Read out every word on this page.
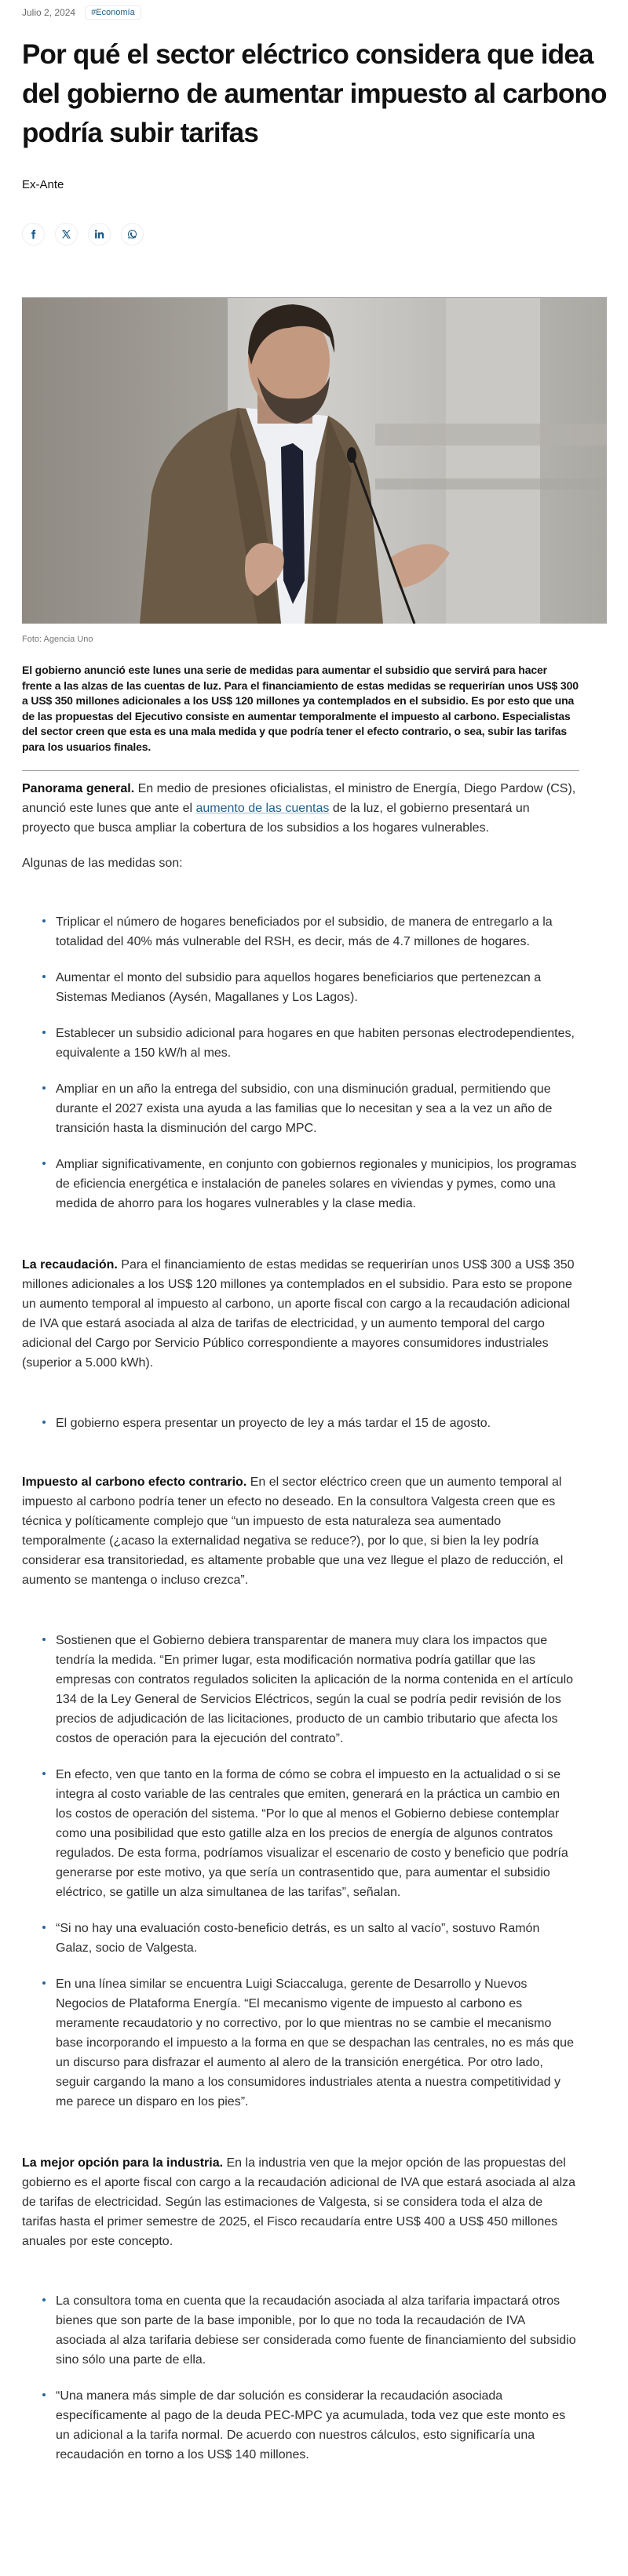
Julio 2, 2024	#Economía
Por qué el sector eléctrico considera que idea del gobierno de aumentar impuesto al carbono podría subir tarifas
Ex-Ante
Foto: Agencia Uno

El gobierno anunció este lunes una serie de medidas para aumentar el subsidio que servirá para hacer frente a las alzas de las cuentas de luz. Para el financiamiento de estas medidas se requerirían unos US$ 300 a US$ 350 millones adicionales a los US$ 120 millones ya contemplados en el subsidio. Es por esto que una de las propuestas del Ejecutivo consiste en aumentar temporalmente el impuesto al carbono. Especialistas del sector creen que esta es una mala medida y que podría tener el efecto contrario, o sea, subir las tarifas para los usuarios finales.

Panorama general. En medio de presiones oficialistas, el ministro de Energía, Diego Pardow (CS), anunció este lunes que ante el aumento de las cuentas de la luz, el gobierno presentará un proyecto que busca ampliar la cobertura de los subsidios a los hogares vulnerables.

Algunas de las medidas son:

Triplicar el número de hogares beneficiados por el subsidio, de manera de entregarlo a la totalidad del 40% más vulnerable del RSH, es decir, más de 4.7 millones de hogares.
Aumentar el monto del subsidio para aquellos hogares beneficiarios que pertenezcan a Sistemas Medianos (Aysén, Magallanes y Los Lagos).
Establecer un subsidio adicional para hogares en que habiten personas electrodependientes, equivalente a 150 kW/h al mes.
Ampliar en un año la entrega del subsidio, con una disminución gradual, permitiendo que durante el 2027 exista una ayuda a las familias que lo necesitan y sea a la vez un año de transición hasta la disminución del cargo MPC.
Ampliar significativamente, en conjunto con gobiernos regionales y municipios, los programas de eficiencia energética e instalación de paneles solares en viviendas y pymes, como una medida de ahorro para los hogares vulnerables y la clase media.

La recaudación. Para el financiamiento de estas medidas se requerirían unos US$ 300 a US$ 350 millones adicionales a los US$ 120 millones ya contemplados en el subsidio. Para esto se propone un aumento temporal al impuesto al carbono, un aporte fiscal con cargo a la recaudación adicional de IVA que estará asociada al alza de tarifas de electricidad, y un aumento temporal del cargo adicional del Cargo por Servicio Público correspondiente a mayores consumidores industriales (superior a 5.000 kWh).

El gobierno espera presentar un proyecto de ley a más tardar el 15 de agosto.

Impuesto al carbono efecto contrario. En el sector eléctrico creen que un aumento temporal al impuesto al carbono podría tener un efecto no deseado. En la consultora Valgesta creen que es técnica y políticamente complejo que “un impuesto de esta naturaleza sea aumentado temporalmente (¿acaso la externalidad negativa se reduce?), por lo que, si bien la ley podría considerar esa transitoriedad, es altamente probable que una vez llegue el plazo de reducción, el aumento se mantenga o incluso crezca”.

Sostienen que el Gobierno debiera transparentar de manera muy clara los impactos que tendría la medida. “En primer lugar, esta modificación normativa podría gatillar que las empresas con contratos regulados soliciten la aplicación de la norma contenida en el artículo 134 de la Ley General de Servicios Eléctricos, según la cual se podría pedir revisión de los precios de adjudicación de las licitaciones, producto de un cambio tributario que afecta los costos de operación para la ejecución del contrato”.
En efecto, ven que tanto en la forma de cómo se cobra el impuesto en la actualidad o si se integra al costo variable de las centrales que emiten, generará en la práctica un cambio en los costos de operación del sistema. “Por lo que al menos el Gobierno debiese contemplar como una posibilidad que esto gatille alza en los precios de energía de algunos contratos regulados. De esta forma, podríamos visualizar el escenario de costo y beneficio que podría generarse por este motivo, ya que sería un contrasentido que, para aumentar el subsidio eléctrico, se gatille un alza simultanea de las tarifas”, señalan.
“Si no hay una evaluación costo-beneficio detrás, es un salto al vacío”, sostuvo Ramón Galaz, socio de Valgesta.
En una línea similar se encuentra Luigi Sciaccaluga, gerente de Desarrollo y Nuevos Negocios de Plataforma Energía. “El mecanismo vigente de impuesto al carbono es meramente recaudatorio y no correctivo, por lo que mientras no se cambie el mecanismo base incorporando el impuesto a la forma en que se despachan las centrales, no es más que un discurso para disfrazar el aumento al alero de la transición energética. Por otro lado, seguir cargando la mano a los consumidores industriales atenta a nuestra competitividad y me parece un disparo en los pies”.

La mejor opción para la industria. En la industria ven que la mejor opción de las propuestas del gobierno es el aporte fiscal con cargo a la recaudación adicional de IVA que estará asociada al alza de tarifas de electricidad. Según las estimaciones de Valgesta, si se considera toda el alza de tarifas hasta el primer semestre de 2025, el Fisco recaudaría entre US$ 400 a US$ 450 millones anuales por este concepto.

La consultora toma en cuenta que la recaudación asociada al alza tarifaria impactará otros bienes que son parte de la base imponible, por lo que no toda la recaudación de IVA asociada al alza tarifaria debiese ser considerada como fuente de financiamiento del subsidio sino sólo una parte de ella.
“Una manera más simple de dar solución es considerar la recaudación asociada específicamente al pago de la deuda PEC-MPC ya acumulada, toda vez que este monto es un adicional a la tarifa normal. De acuerdo con nuestros cálculos, esto significaría una recaudación en torno a los US$ 140 millones.
